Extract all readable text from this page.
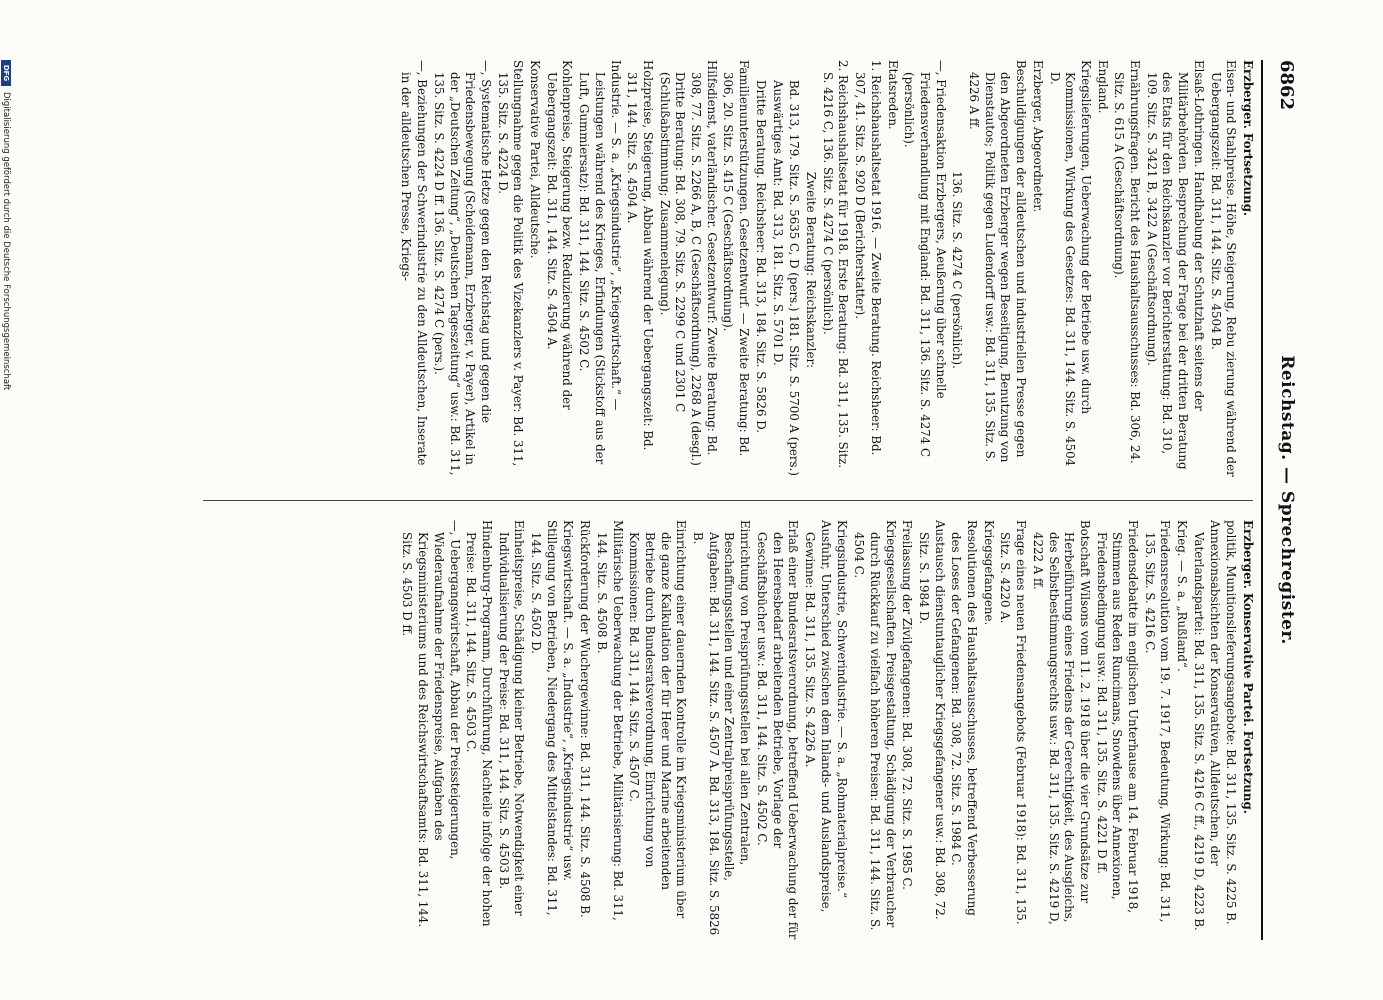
6862
Reichstag. — Sprechregister.

Erzberger. Fortsetzung.

Eisen- und Stahlpreise. Höhe, Steigerung, Rebu zierung während der Uebergangszeit: Bd. 311, 144. Sitz. S. 4504 B.

Elsaß-Lothringen. Handhabung der Schutzhaft seitens der Militärbehörden. Besprechung der Frage bei der dritten Beratung des Etats für den Reichskanzler vor Berichterstattung: Bd. 310, 109. Sitz. S. 3421 B, 3422 A (Geschäftsordnung).

Ernährungsfragen. Bericht des Haushaltsausschusses: Bd. 306, 24. Sitz. S. 615 A (Geschäftsordnung).

England.

Kriegslieferungen, Ueberwachung der Betriebe usw. durch Kommissionen, Wirkung des Gesetzes: Bd. 311, 144. Sitz. S. 4504 D.

Erzberger, Abgeordneter.

Beschuldigungen der alldeutschen und industriellen Presse gegen den Abgeordneten Erzberger wegen Beseitigung, Benutzung von Dienstautos; Politik gegen Ludendorff usw.: Bd. 311, 135. Sitz. S. 4226 A ff.

136. Sitz. S. 4274 C (persönlich).

—, Friedensaktion Erzbergers, Aeußerung über schnelle Friedensverhandlung mit England: Bd. 311, 136. Sitz. S. 4274 C (persönlich).

Etatsreden.

1. Reichshaushaltsetat 1916. — Zweite Beratung. Reichsheer: Bd. 307, 41. Sitz. S. 920 D (Berichterstatter).

2. Reichshaushaltsetat für 1918. Erste Beratung: Bd. 311, 135. Sitz. S. 4216 C, 136. Sitz. S. 4274 C (persönlich).

Zweite Beratung: Reichskanzler:

Bd. 313, 179. Sitz. S. 5635 C, D (pers.) 181. Sitz. S. 5700 A (pers.)

Auswärtiges Amt: Bd. 313, 181. Sitz. S. 5701 D.

Dritte Beratung. Reichsheer: Bd. 313, 184. Sitz. S. 5826 D.

Familienunterstützungen. Gesetzentwurf. — Zweite Beratung: Bd. 306, 20. Sitz. S. 415 C (Geschäftsordnung).

Hilfsdienst, vaterländischer. Gesetzentwurf: Zweite Beratung: Bd. 308, 77. Sitz. S. 2266 A, B, C (Geschäftsordnung), 2268 A (desgl.) Dritte Beratung: Bd. 308, 79. Sitz. S. 2299 C und 2301 C (Schlußabstimmung; Zusammenlegung).

Holzpreise, Steigerung, Abbau während der Uebergangszeit: Bd. 311, 144. Sitz. S. 4504 A.

Industrie. — S. a. „Kriegsindustrie“, „Kriegswirtschaft.“ — Leistungen während des Krieges, Erfindungen (Stickstoff aus der Luft, Gummiersatz): Bd. 311, 144. Sitz. S. 4502 C.

Kohlenpreise, Steigerung bezw. Reduzierung während der Uebergangszeit: Bd. 311, 144. Sitz. S. 4504 A.

Konservative Partei, Alldeutsche.

Stellungnahme gegen die Politik des Vizekanzlers v. Payer: Bd. 311, 135. Sitz. S. 4224 D.

—, Systematische Hetze gegen den Reichstag und gegen die Friedensbewegung (Scheidemann, Erzberger, v. Payer), Artikel in der „Deutschen Zeitung“, „Deutschen Tageszeitung“ usw.: Bd. 311, 135. Sitz. S. 4224 D ff. 136. Sitz. S. 4274 C (pers.).

—, Beziehungen der Schwerindustrie zu den Alldeutschen, Inserate in der alldeutschen Presse, Kriegs-

Erzberger. Konservative Partei. Fortsetzung.

politik, Munitionslieferungsangebote: Bd. 311, 135. Sitz. S. 4225 B.

Annexionsabsichten der Konservativen, Alldeutschen, der Vaterlandspartei: Bd. 311, 135. Sitz. S. 4216 C ff., 4219 D, 4223 B.

Krieg. — S. a. „Rußland“.

Friedensresolution vom 19. 7. 1917, Bedeutung, Wirkung: Bd. 311, 135. Sitz. S. 4216 C.

Friedensdebatte im englischen Unterhause am 14. Februar 1918, Stimmen aus Reden Runcimans, Snowdens über Annexionen, Friedensbedingung usw.: Bd. 311, 135. Sitz. S. 4221 D ff.

Botschaft Wilsons vom 11. 2. 1918 über die vier Grundsätze zur Herbeiführung eines Friedens der Gerechtigkeit, des Ausgleichs, des Selbstbestimmungsrechts usw.: Bd. 311, 135. Sitz. S. 4219 D, 4222 A ff.

Frage eines neuen Friedensangebots (Februar 1918): Bd. 311, 135. Sitz. S. 4220 A.

Kriegsgefangene.

Resolutionen des Haushaltsausschusses, betreffend Verbesserung des Loses der Gefangenen: Bd. 308, 72. Sitz. S. 1984 C.

Austausch dienstuntauglicher Kriegsgefangener usw.: Bd. 308, 72. Sitz. S. 1984 D.

Freilassung der Zivilgefangenen: Bd. 308, 72. Sitz. S. 1985 C.

Kriegsgesellschaften. Preisgestaltung, Schädigung der Verbraucher durch Rückkauf zu vielfach höheren Preisen: Bd. 311, 144. Sitz. S. 4504 C.

Kriegsindustrie, Schwerindustrie. — S. a. „Rohmaterialpreise.“

Ausfuhr, Unterschied zwischen dem Inlands- und Auslandspreise, Gewinne: Bd. 311, 135. Sitz. S. 4226 A.

Erlaß einer Bundesratsverordnung, betreffend Ueberwachung der für den Heeresbedarf arbeitenden Betriebe, Vorlage der Geschäftsbücher usw.: Bd. 311, 144. Sitz. S. 4502 C.

Einrichtung von Preisprüfungsstellen bei allen Zentralen, Beschaffungsstellen und einer Zentralpreisprüfungsstelle, Aufgaben: Bd. 311, 144. Sitz. S. 4507 A. Bd. 313, 184. Sitz. S. 5826 B.

Einrichtung einer dauernden Kontrolle im Kriegsministerium über die ganze Kalkulation der für Heer und Marine arbeitenden Betriebe durch Bundesratsverordnung, Einrichtung von Kommissionen: Bd. 311, 144. Sitz. S. 4507 C.

Militärische Ueberwachung der Betriebe, Militärisierung: Bd. 311, 144. Sitz. S. 4508 B.

Rückforderung der Wuchergewinne: Bd. 311, 144. Sitz. S. 4508 B.

Kriegswirtschaft. — S. a. „Industrie“, „Kriegsindustrie“ usw.

Stillegung von Betrieben, Niedergang des Mittelstandes: Bd. 311, 144. Sitz. S. 4502 D.

Einheitspreise, Schädigung kleiner Betriebe, Notwendigkeit einer Individualisierung der Preise: Bd. 311, 144. Sitz. S. 4503 B.

Hindenburg-Programm, Durchführung, Nachteile infolge der hohen Preise: Bd. 311, 144. Sitz. S. 4503 C.

—, Uebergangswirtschaft, Abbau der Preissteigerungen, Wiederaufnahme der Friedenspreise, Aufgaben des Kriegsministeriums und des Reichswirtschaftsamts: Bd. 311, 144. Sitz. S. 4503 D ff.

DFG
Digitalisierung gefördert durch die Deutsche Forschungsgemeinschaft
